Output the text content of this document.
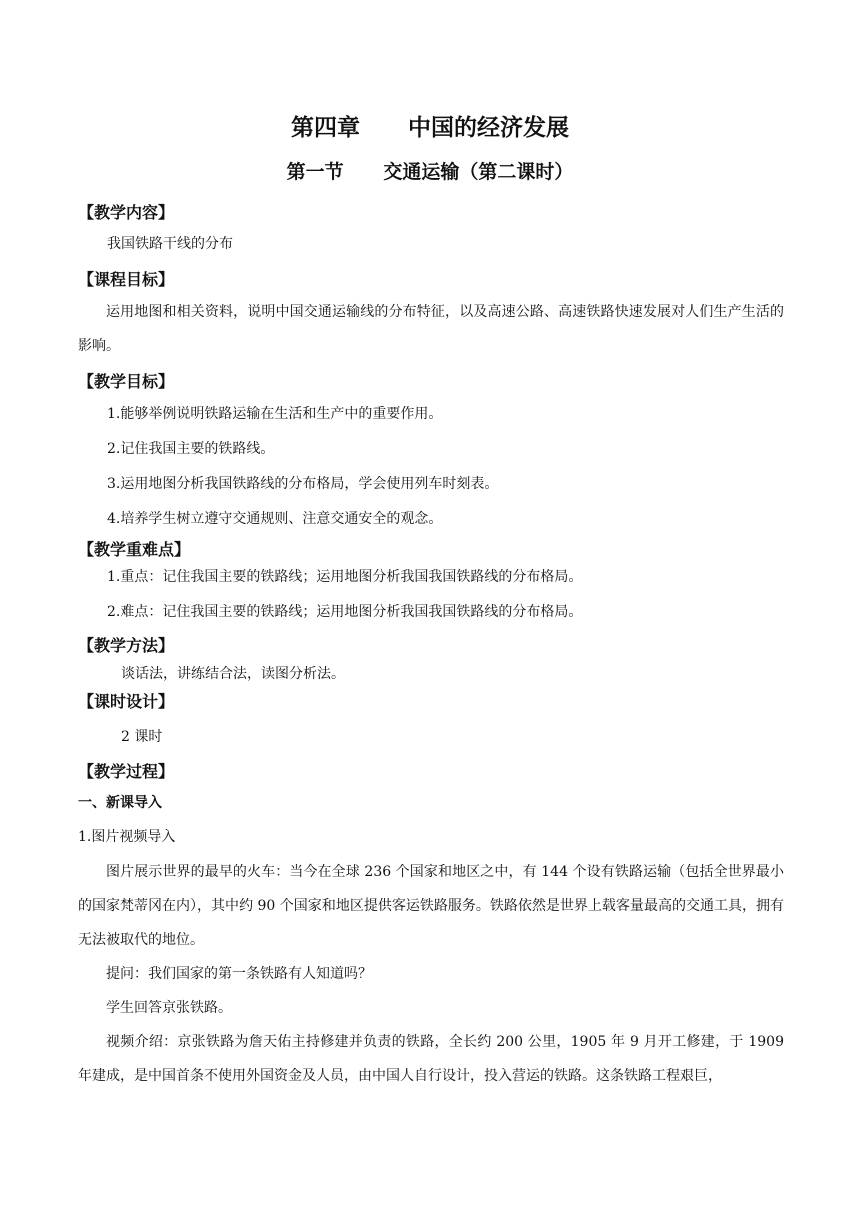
第四章      中国的经济发展
第一节      交通运输（第二课时）
【教学内容】
我国铁路干线的分布
【课程目标】
运用地图和相关资料，说明中国交通运输线的分布特征，以及高速公路、高速铁路快速发展对人们生产生活的影响。
【教学目标】
1.能够举例说明铁路运输在生活和生产中的重要作用。
2.记住我国主要的铁路线。
3.运用地图分析我国铁路线的分布格局，学会使用列车时刻表。
4.培养学生树立遵守交通规则、注意交通安全的观念。
【教学重难点】
1.重点：记住我国主要的铁路线；运用地图分析我国我国铁路线的分布格局。
2.难点：记住我国主要的铁路线；运用地图分析我国我国铁路线的分布格局。
【教学方法】
谈话法，讲练结合法，读图分析法。
【课时设计】
2 课时
【教学过程】
一、新课导入
1.图片视频导入
图片展示世界的最早的火车：当今在全球 236 个国家和地区之中，有 144 个设有铁路运输（包括全世界最小的国家梵蒂冈在内），其中约 90 个国家和地区提供客运铁路服务。铁路依然是世界上载客量最高的交通工具，拥有无法被取代的地位。
提问：我们国家的第一条铁路有人知道吗？
学生回答京张铁路。
视频介绍：京张铁路为詹天佑主持修建并负责的铁路，全长约 200 公里，1905 年 9 月开工修建，于 1909 年建成，是中国首条不使用外国资金及人员，由中国人自行设计，投入营运的铁路。这条铁路工程艰巨，
